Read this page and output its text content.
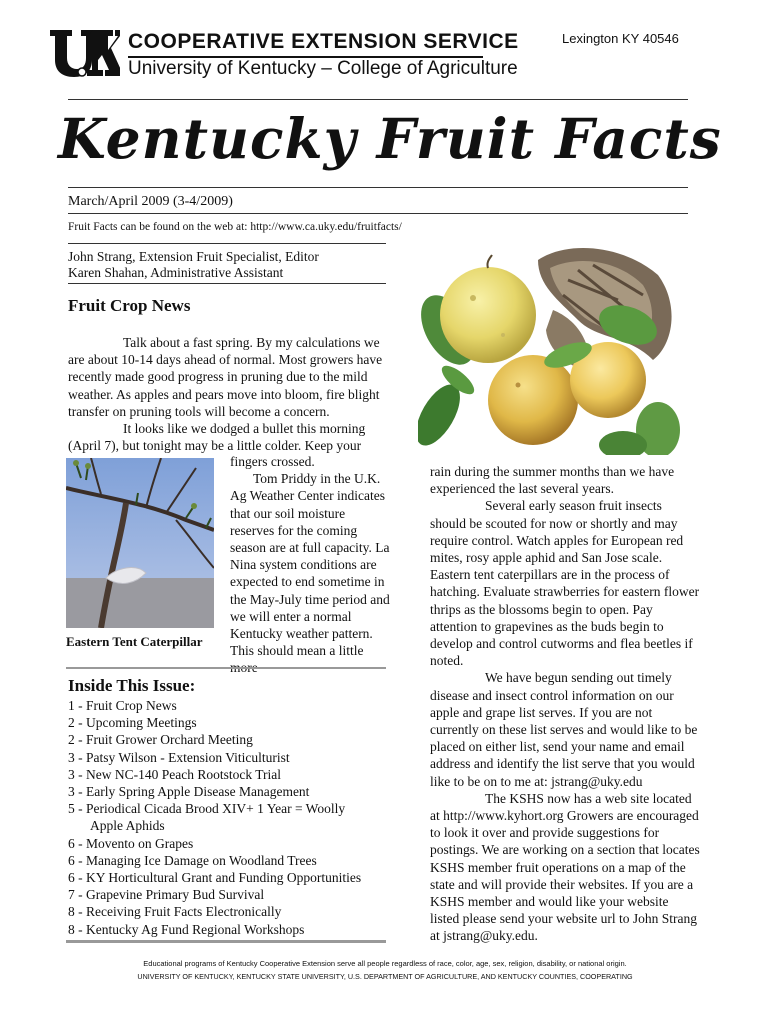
COOPERATIVE EXTENSION SERVICE
University of Kentucky – College of Agriculture
Lexington KY 40546
Kentucky Fruit Facts
March/April 2009 (3-4/2009)
Fruit Facts can be found on the web at: http://www.ca.uky.edu/fruitfacts/
John Strang, Extension Fruit Specialist, Editor
Karen Shahan, Administrative Assistant
Fruit Crop News

Talk about a fast spring. By my calculations we are about 10-14 days ahead of normal. Most growers have recently made good progress in pruning due to the mild weather. As apples and pears move into bloom, fire blight transfer on pruning tools will become a concern.

It looks like we dodged a bullet this morning (April 7), but tonight may be a little colder. Keep your

Eastern Tent Caterpillar

fingers crossed.

Tom Priddy in the U.K. Ag Weather Center indicates that our soil moisture reserves for the coming season are at full capacity. La Nina system conditions are expected to end sometime in the May-July time period and we will enter a normal Kentucky weather pattern. This should mean a little

rain during the summer months than we have experienced the last several years.

Several early season fruit insects should be scouted for now or shortly and may require control. Watch apples for European red mites, rosy apple aphid and San Jose scale. Eastern tent caterpillars are in the process of hatching. Evaluate strawberries for eastern flower thrips as the blossoms begin to open. Pay attention to grapevines as the buds begin to develop and control cutworms and flea beetles if noted.

We have begun sending out timely disease and insect control information on our apple and grape list serves. If you are not currently on these list serves and would like to be placed on either list, send your name and email address and identify the list serve that you would like to be on to me at: jstrang@uky.edu

The KSHS now has a web site located at http://www.kyhort.org Growers are encouraged to look it over and provide suggestions for postings. We are working on a section that locates KSHS member fruit operations on a map of the state and will provide their websites. If you are a KSHS member and would like your website listed please send your website url to John Strang at jstrang@uky.edu.

Inside This Issue:
1 - Fruit Crop News
2 - Upcoming Meetings
2 - Fruit Grower Orchard Meeting
3 - Patsy Wilson - Extension Viticulturist
3 - New NC-140 Peach Rootstock Trial
3 - Early Spring Apple Disease Management
5 - Periodical Cicada Brood XIV+ 1 Year = Woolly
Apple Aphids
6 - Movento on Grapes
6 - Managing Ice Damage on Woodland Trees
6 - KY Horticultural Grant and Funding Opportunities
7 - Grapevine Primary Bud Survival
8 - Receiving Fruit Facts Electronically
8 - Kentucky Ag Fund Regional Workshops
Educational programs of Kentucky Cooperative Extension serve all people regardless of race, color, age, sex, religion, disability, or national origin.
UNIVERSITY OF KENTUCKY, KENTUCKY STATE UNIVERSITY, U.S. DEPARTMENT OF AGRICULTURE, AND KENTUCKY COUNTIES, COOPERATING
